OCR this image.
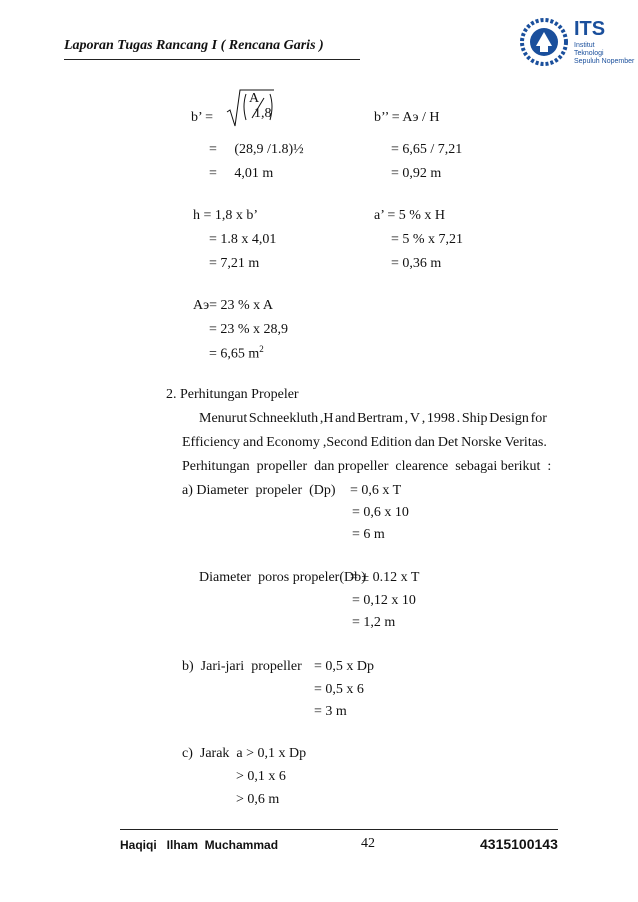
Laporan Tugas Rancang I ( Rencana Garis )
ITS
Institut
Teknologi
Sepuluh Nopember
b’ =
A
1,8
=     (28,9 /1.8)½
=     4,01 m
h = 1,8 x b’
= 1.8 x 4,01
= 7,21 m
Aэ= 23 % x A
= 23 % x 28,9
= 6,65 $m^2$
b’’ = Aэ / H
= 6,65 / 7,21
= 0,92 m
a’ = 5 % x H
= 5 % x 7,21
= 0,36 m
2. Perhitungan Propeler
Menurut Schneekluth ,H and Bertram , V , 1998 . Ship Design for
Efficiency and Economy ,Second Edition dan Det Norske Veritas.
Perhitungan  propeller  dan propeller  clearence  sebagai berikut  :
a) Diameter  propeler  (Dp) = 0,6 x T
= 0,6 x 10
= 6 m
Diameter  poros propeler(Db)
= ± 0.12 x T
= 0,12 x 10
= 1,2 m
b)  Jari-jari  propeller = 0,5 x Dp
= 0,5 x 6
= 3 m
c)  Jarak  a > 0,1 x Dp
> 0,1 x 6
> 0,6 m
Haqiqi   Ilham  Muchammad	42	4315100143
